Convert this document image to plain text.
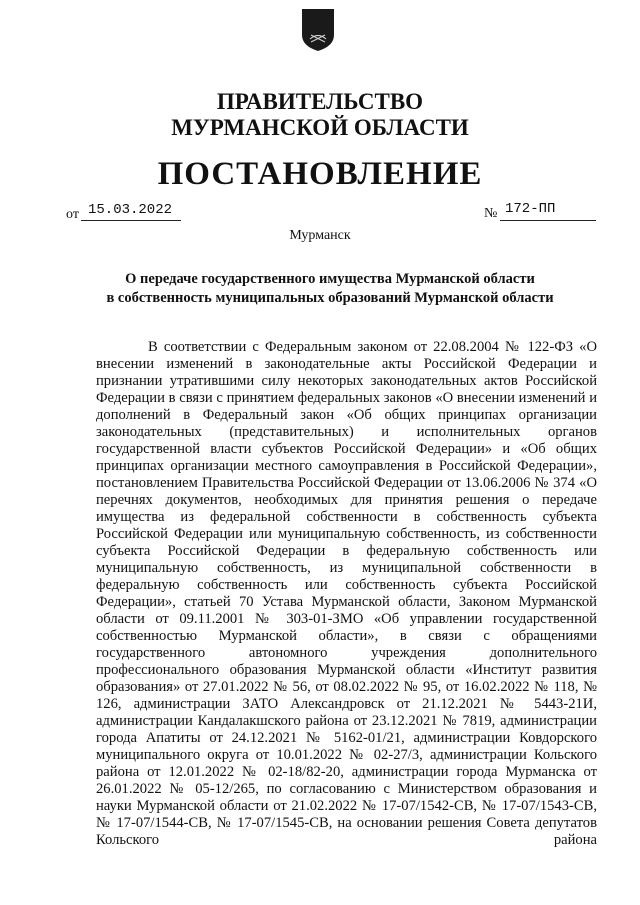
ПРАВИТЕЛЬСТВО
МУРМАНСКОЙ ОБЛАСТИ
ПОСТАНОВЛЕНИЕ
от 15.03.2022	№ 172-ПП
Мурманск
О передаче государственного имущества Мурманской области
в собственность муниципальных образований Мурманской области

В соответствии с Федеральным законом от 22.08.2004 № 122-ФЗ «О внесении изменений в законодательные акты Российской Федерации и признании утратившими силу некоторых законодательных актов Российской Федерации в связи с принятием федеральных законов «О внесении изменений и дополнений в Федеральный закон «Об общих принципах организации законодательных (представительных) и исполнительных органов государственной власти субъектов Российской Федерации» и «Об общих принципах организации местного самоуправления в Российской Федерации», постановлением Правительства Российской Федерации от 13.06.2006 № 374 «О перечнях документов, необходимых для принятия решения о передаче имущества из федеральной собственности в собственность субъекта Российской Федерации или муниципальную собственность, из собственности субъекта Российской Федерации в федеральную собственность или муниципальную собственность, из муниципальной собственности в федеральную собственность или собственность субъекта Российской Федерации», статьей 70 Устава Мурманской области, Законом Мурманской области от 09.11.2001 № 303-01-ЗМО «Об управлении государственной собственностью Мурманской области», в связи с обращениями государственного автономного учреждения дополнительного профессионального образования Мурманской области «Институт развития образования» от 27.01.2022 № 56, от 08.02.2022 № 95, от 16.02.2022 № 118, № 126, администрации ЗАТО Александровск от 21.12.2021 № 5443-21И, администрации Кандалакшского района от 23.12.2021 № 7819, администрации города Апатиты от 24.12.2021 № 5162-01/21, администрации Ковдорского муниципального округа от 10.01.2022 № 02-27/3, администрации Кольского района от 12.01.2022 № 02-18/82-20, администрации города Мурманска от 26.01.2022 № 05-12/265, по согласованию с Министерством образования и науки Мурманской области от 21.02.2022 № 17-07/1542-СВ, № 17-07/1543-СВ, № 17-07/1544-СВ, № 17-07/1545-СВ, на основании решения Совета депутатов Кольского района
